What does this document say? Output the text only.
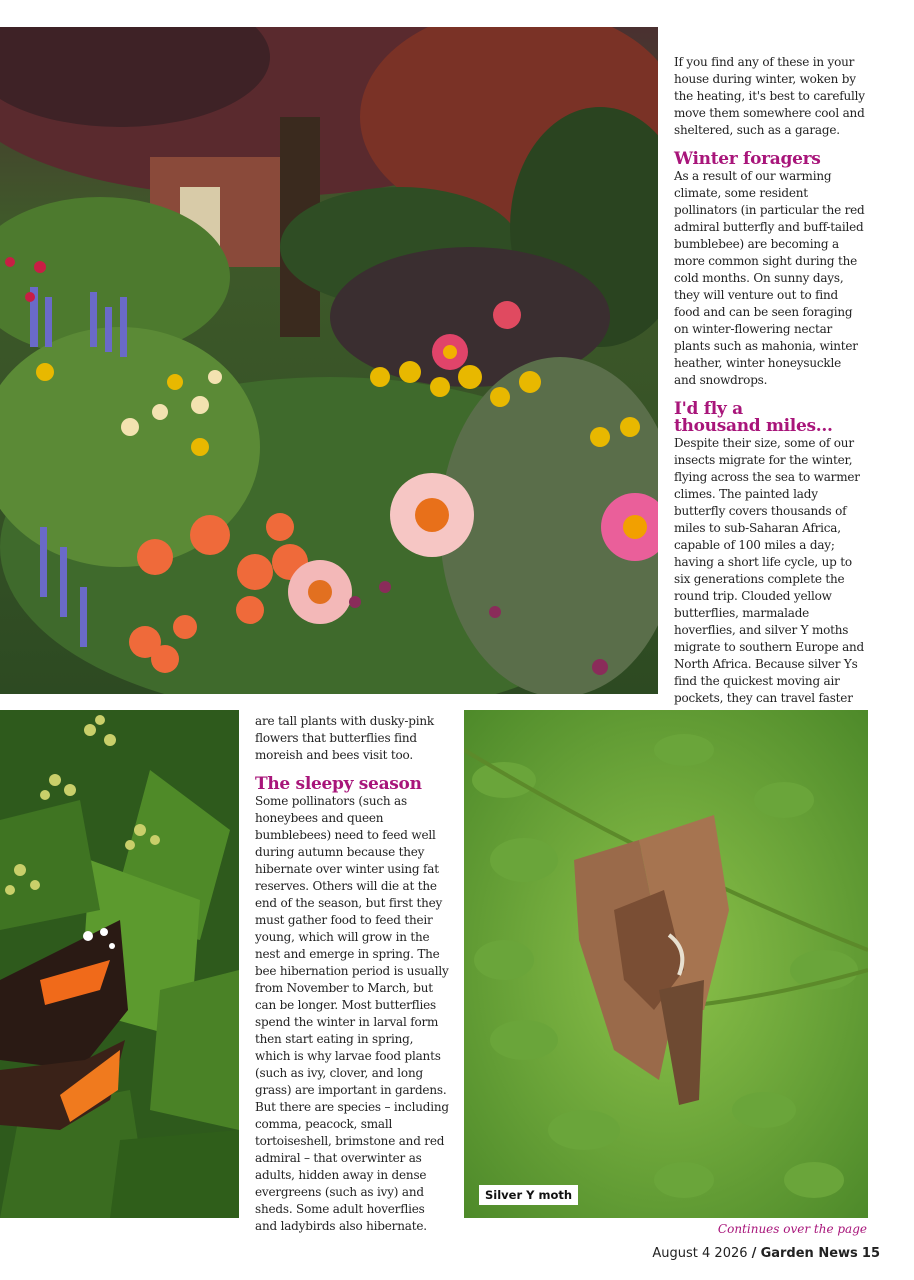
If you find any of these in your house during winter, woken by the heating, it's best to carefully move them somewhere cool and sheltered, such as a garage.

Winter foragers

As a result of our warming climate, some resident pollinators (in particular the red admiral butterfly and buff-tailed bumblebee) are becoming a more common sight during the cold months. On sunny days, they will venture out to find food and can be seen foraging on winter-flowering nectar plants such as mahonia, winter heather, winter honeysuckle and snowdrops.

I'd fly a thousand miles...

Despite their size, some of our insects migrate for the winter, flying across the sea to warmer climes. The painted lady butterfly covers thousands of miles to sub-Saharan Africa, capable of 100 miles a day; having a short life cycle, up to six generations complete the round trip. Clouded yellow butterflies, marmalade hoverflies, and silver Y moths migrate to southern Europe and North Africa. Because silver Ys find the quickest moving air pockets, they can travel faster

are tall plants with dusky-pink flowers that butterflies find moreish and bees visit too.

The sleepy season

Some pollinators (such as honeybees and queen bumblebees) need to feed well during autumn because they hibernate over winter using fat reserves. Others will die at the end of the season, but first they must gather food to feed their young, which will grow in the nest and emerge in spring. The bee hibernation period is usually from November to March, but can be longer. Most butterflies spend the winter in larval form then start eating in spring, which is why larvae food plants (such as ivy, clover, and long grass) are important in gardens. But there are species – including comma, peacock, small tortoiseshell, brimstone and red admiral – that overwinter as adults, hidden away in dense evergreens (such as ivy) and sheds. Some adult hoverflies and ladybirds also hibernate.

Silver Y moth
Continues over the page
August 4 2026 / Garden News 15
